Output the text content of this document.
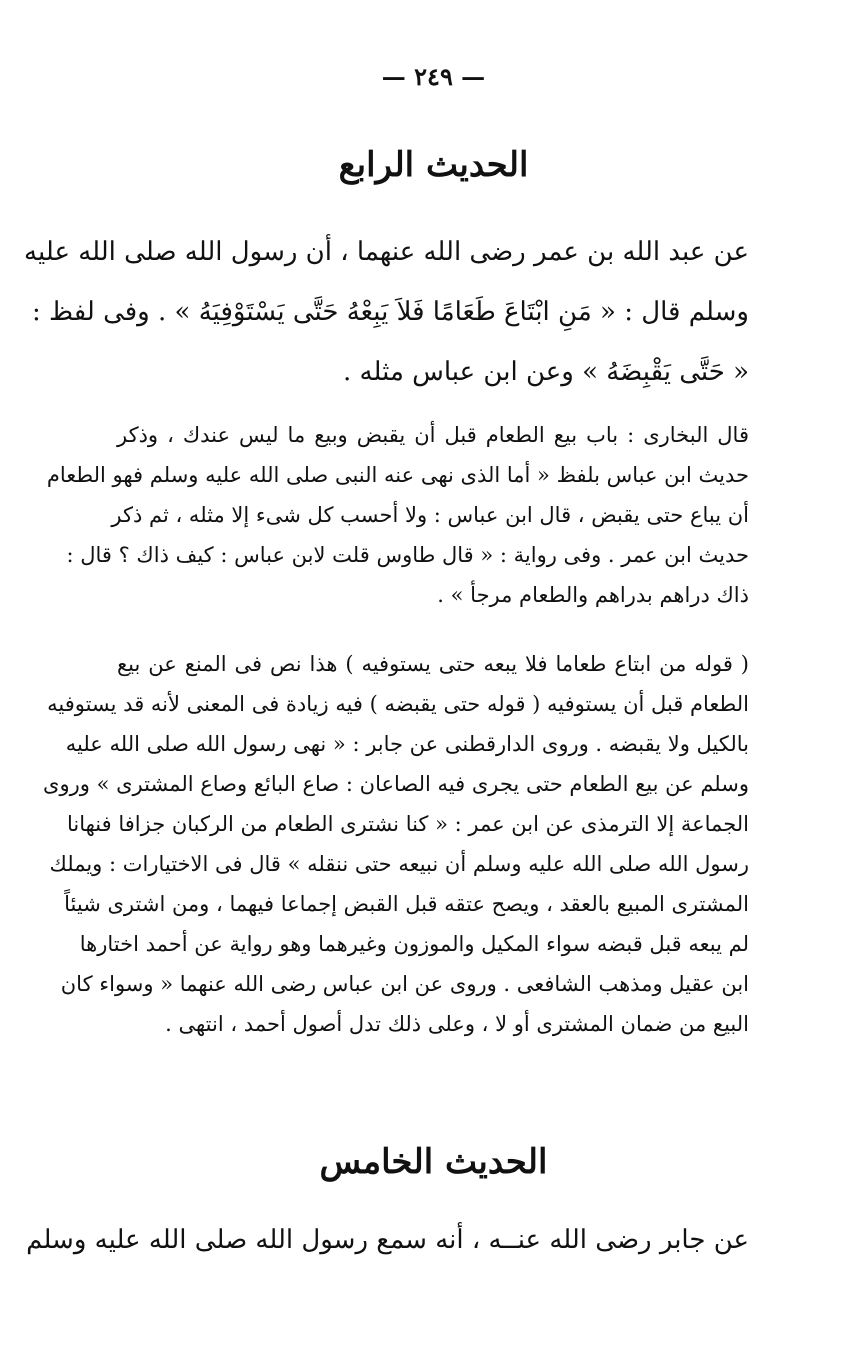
— ٢٤٩ —
الحديث الرابع
عن عبد الله بن عمر رضى الله عنهما ، أن رسول الله صلى الله عليه
وسلم قال : « مَنِ ابْتَاعَ طَعَامًا فَلاَ يَبِعْهُ حَتَّى يَسْتَوْفِيَهُ » . وفى لفظ :
« حَتَّى يَقْبِضَهُ » وعن ابن عباس مثله .
قال البخارى : باب بيع الطعام قبل أن يقبض وبيع ما ليس عندك ، وذكر
حديث ابن عباس بلفظ « أما الذى نهى عنه النبى صلى الله عليه وسلم فهو الطعام
أن يباع حتى يقبض ، قال ابن عباس : ولا أحسب كل شىء إلا مثله ، ثم ذكر
حديث ابن عمر . وفى رواية : « قال طاوس قلت لابن عباس : كيف ذاك ؟ قال :
ذاك دراهم بدراهم والطعام مرجأ » .
( قوله من ابتاع طعاما فلا يبعه حتى يستوفيه ) هذا نص فى المنع عن بيع
الطعام قبل أن يستوفيه ( قوله حتى يقبضه ) فيه زيادة فى المعنى لأنه قد يستوفيه
بالكيل ولا يقبضه . وروى الدارقطنى عن جابر : « نهى رسول الله صلى الله عليه
وسلم عن بيع الطعام حتى يجرى فيه الصاعان : صاع البائع وصاع المشترى » وروى
الجماعة إلا الترمذى عن ابن عمر : « كنا نشترى الطعام من الركبان جزافا فنهانا
رسول الله صلى الله عليه وسلم أن نبيعه حتى ننقله » قال فى الاختيارات : ويملك
المشترى المبيع بالعقد ، ويصح عتقه قبل القبض إجماعا فيهما ، ومن اشترى شيئاً
لم يبعه قبل قبضه سواء المكيل والموزون وغيرهما وهو رواية عن أحمد اختارها
ابن عقيل ومذهب الشافعى . وروى عن ابن عباس رضى الله عنهما « وسواء كان
البيع من ضمان المشترى أو لا ، وعلى ذلك تدل أصول أحمد ، انتهى .
الحديث الخامس
عن جابر رضى الله عنــه ، أنه سمع رسول الله صلى الله عليه وسلم
